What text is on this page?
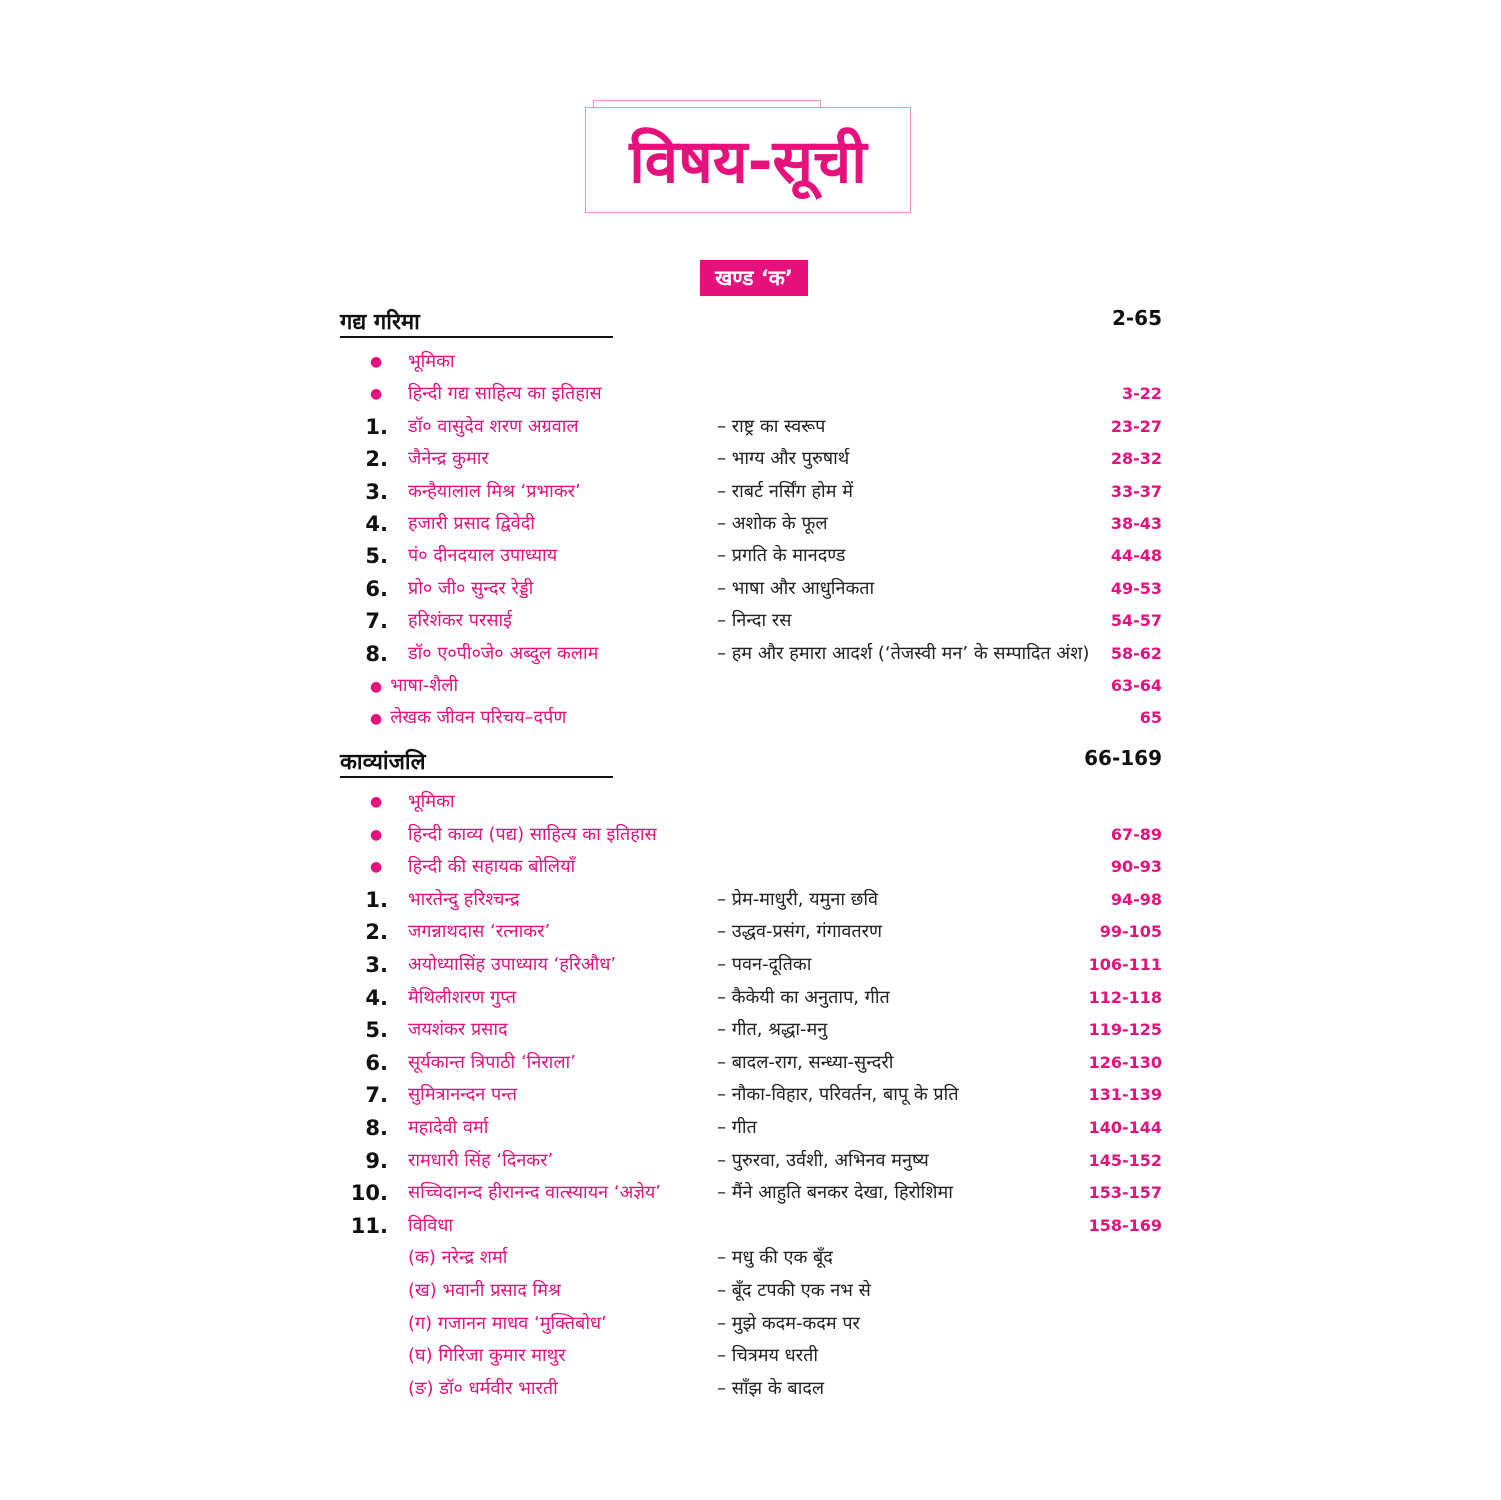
विषय-सूची
खण्ड ‘क’
गद्य गरिमा	2-65
● भूमिका
● हिन्दी गद्य साहित्य का इतिहास	3-22
1. डॉ० वासुदेव शरण अग्रवाल	– राष्ट्र का स्वरूप	23-27
2. जैनेन्द्र कुमार	– भाग्य और पुरुषार्थ	28-32
3. कन्हैयालाल मिश्र ‘प्रभाकर’	– राबर्ट नर्सिंग होम में	33-37
4. हजारी प्रसाद द्विवेदी	– अशोक के फूल	38-43
5. पं० दीनदयाल उपाध्याय	– प्रगति के मानदण्ड	44-48
6. प्रो० जी० सुन्दर रेड्डी	– भाषा और आधुनिकता	49-53
7. हरिशंकर परसाई	– निन्दा रस	54-57
8. डॉ० ए०पी०जे० अब्दुल कलाम	– हम और हमारा आदर्श (‘तेजस्वी मन’ के सम्पादित अंश) 58-62
● भाषा-शैली	63-64
● लेखक जीवन परिचय–दर्पण	65
काव्यांजलि	66-169
● भूमिका
● हिन्दी काव्य (पद्य) साहित्य का इतिहास	67-89
● हिन्दी की सहायक बोलियाँ	90-93
1. भारतेन्दु हरिश्चन्द्र	– प्रेम-माधुरी, यमुना छवि	94-98
2. जगन्नाथदास ‘रत्नाकर’	– उद्धव-प्रसंग, गंगावतरण	99-105
3. अयोध्यासिंह उपाध्याय ‘हरिऔध’	– पवन-दूतिका	106-111
4. मैथिलीशरण गुप्त	– कैकेयी का अनुताप, गीत	112-118
5. जयशंकर प्रसाद	– गीत, श्रद्धा-मनु	119-125
6. सूर्यकान्त त्रिपाठी ‘निराला’	– बादल-राग, सन्ध्या-सुन्दरी	126-130
7. सुमित्रानन्दन पन्त	– नौका-विहार, परिवर्तन, बापू के प्रति	131-139
8. महादेवी वर्मा	– गीत	140-144
9. रामधारी सिंह ‘दिनकर’	– पुरुरवा, उर्वशी, अभिनव मनुष्य	145-152
10. सच्चिदानन्द हीरानन्द वात्स्यायन ‘अज्ञेय’	– मैंने आहुति बनकर देखा, हिरोशिमा	153-157
11. विविधा	158-169
(क) नरेन्द्र शर्मा	– मधु की एक बूँद
(ख) भवानी प्रसाद मिश्र	– बूँद टपकी एक नभ से
(ग) गजानन माधव ‘मुक्तिबोध’	– मुझे कदम-कदम पर
(घ) गिरिजा कुमार माथुर	– चित्रमय धरती
(ङ) डॉ० धर्मवीर भारती	– साँझ के बादल
